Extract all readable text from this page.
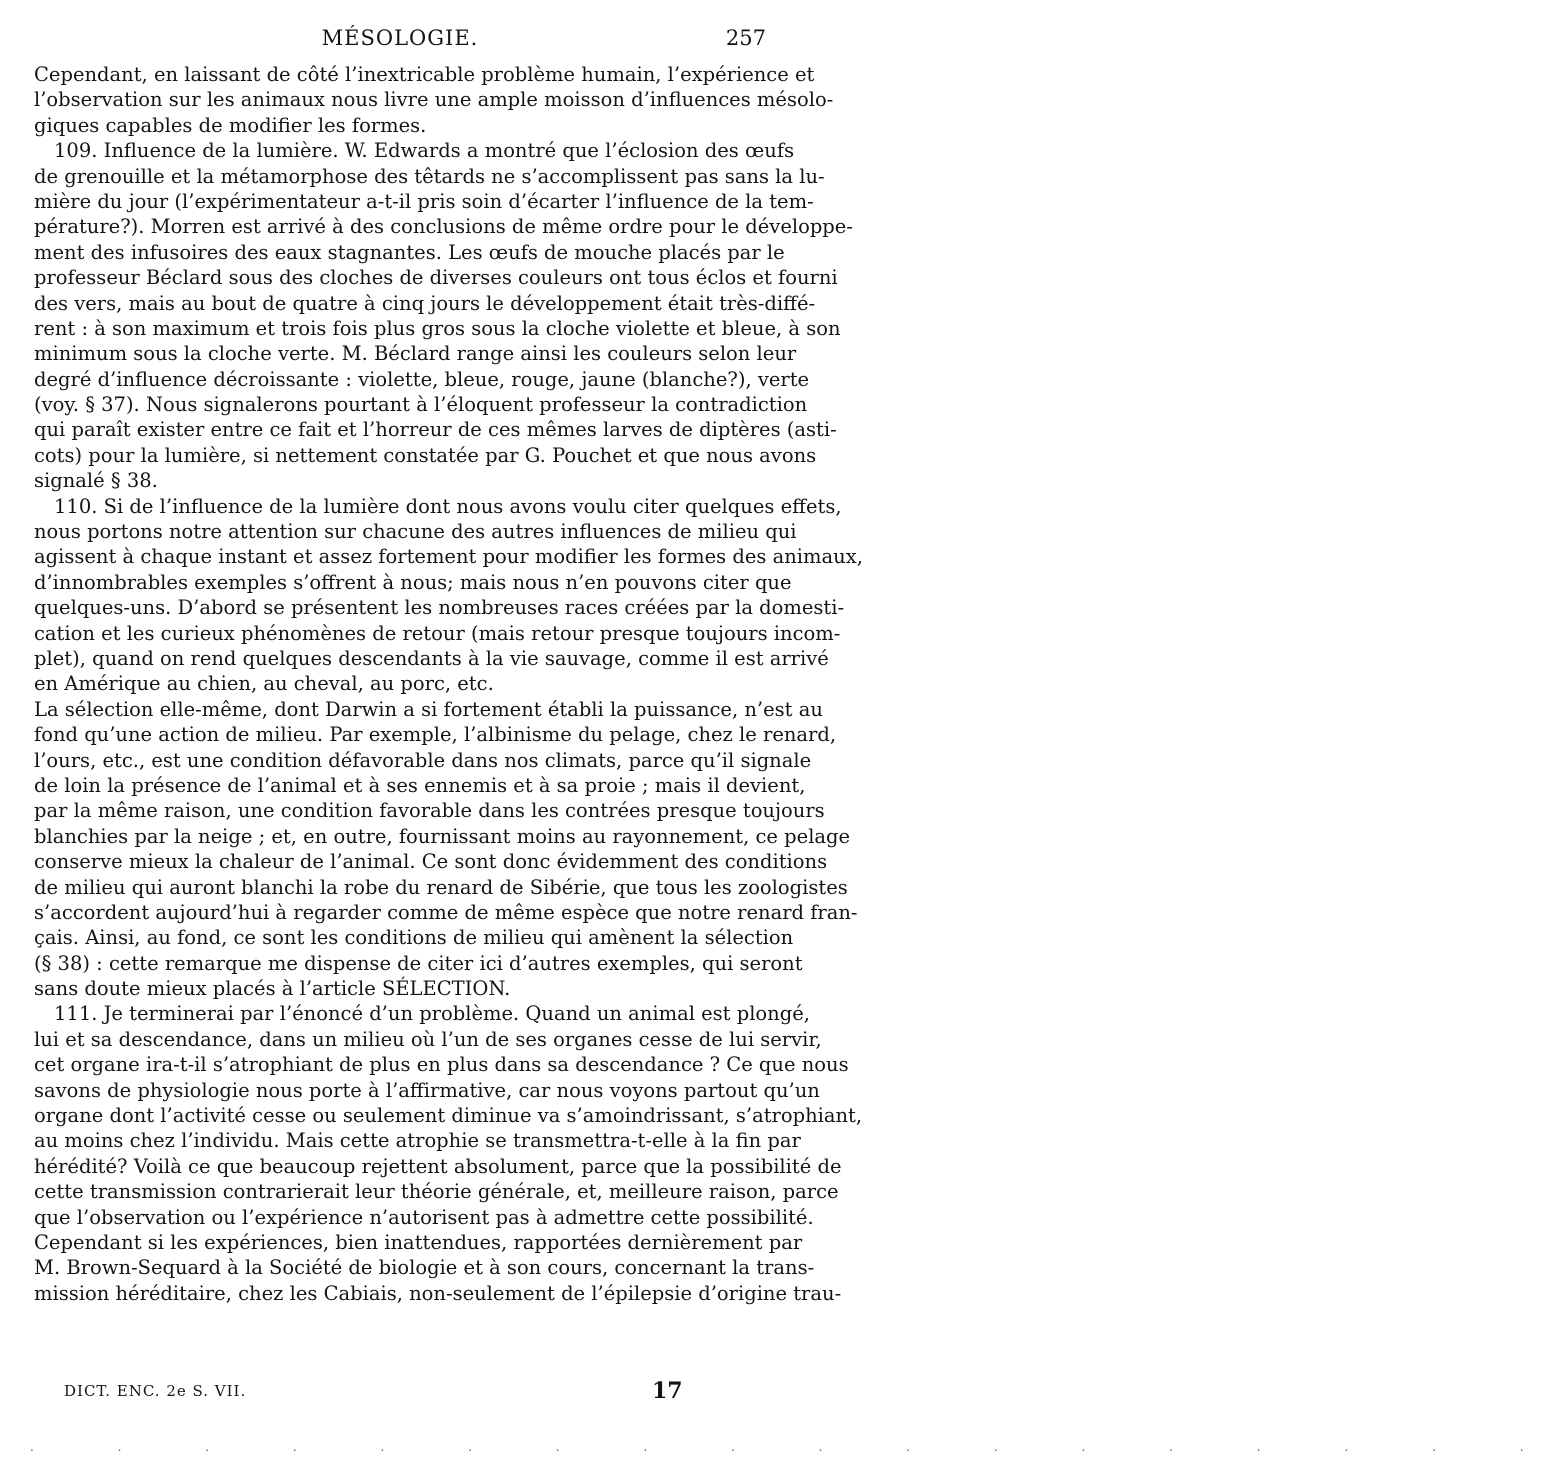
MÉSOLOGIE.	257
Cependant, en laissant de côté l’inextricable problème humain, l’expérience et
l’observation sur les animaux nous livre une ample moisson d’influences mésolo-
giques capables de modifier les formes.
109. Influence de la lumière. W. Edwards a montré que l’éclosion des œufs
de grenouille et la métamorphose des têtards ne s’accomplissent pas sans la lu-
mière du jour (l’expérimentateur a-t-il pris soin d’écarter l’influence de la tem-
pérature?). Morren est arrivé à des conclusions de même ordre pour le développe-
ment des infusoires des eaux stagnantes. Les œufs de mouche placés par le
professeur Béclard sous des cloches de diverses couleurs ont tous éclos et fourni
des vers, mais au bout de quatre à cinq jours le développement était très-diffé-
rent : à son maximum et trois fois plus gros sous la cloche violette et bleue, à son
minimum sous la cloche verte. M. Béclard range ainsi les couleurs selon leur
degré d’influence décroissante : violette, bleue, rouge, jaune (blanche?), verte
(voy. § 37). Nous signalerons pourtant à l’éloquent professeur la contradiction
qui paraît exister entre ce fait et l’horreur de ces mêmes larves de diptères (asti-
cots) pour la lumière, si nettement constatée par G. Pouchet et que nous avons
signalé § 38.
110. Si de l’influence de la lumière dont nous avons voulu citer quelques effets,
nous portons notre attention sur chacune des autres influences de milieu qui
agissent à chaque instant et assez fortement pour modifier les formes des animaux,
d’innombrables exemples s’offrent à nous; mais nous n’en pouvons citer que
quelques-uns. D’abord se présentent les nombreuses races créées par la domesti-
cation et les curieux phénomènes de retour (mais retour presque toujours incom-
plet), quand on rend quelques descendants à la vie sauvage, comme il est arrivé
en Amérique au chien, au cheval, au porc, etc.
La sélection elle-même, dont Darwin a si fortement établi la puissance, n’est au
fond qu’une action de milieu. Par exemple, l’albinisme du pelage, chez le renard,
l’ours, etc., est une condition défavorable dans nos climats, parce qu’il signale
de loin la présence de l’animal et à ses ennemis et à sa proie ; mais il devient,
par la même raison, une condition favorable dans les contrées presque toujours
blanchies par la neige ; et, en outre, fournissant moins au rayonnement, ce pelage
conserve mieux la chaleur de l’animal. Ce sont donc évidemment des conditions
de milieu qui auront blanchi la robe du renard de Sibérie, que tous les zoologistes
s’accordent aujourd’hui à regarder comme de même espèce que notre renard fran-
çais. Ainsi, au fond, ce sont les conditions de milieu qui amènent la sélection
(§ 38) : cette remarque me dispense de citer ici d’autres exemples, qui seront
sans doute mieux placés à l’article SÉLECTION.
111. Je terminerai par l’énoncé d’un problème. Quand un animal est plongé,
lui et sa descendance, dans un milieu où l’un de ses organes cesse de lui servir,
cet organe ira-t-il s’atrophiant de plus en plus dans sa descendance ? Ce que nous
savons de physiologie nous porte à l’affirmative, car nous voyons partout qu’un
organe dont l’activité cesse ou seulement diminue va s’amoindrissant, s’atrophiant,
au moins chez l’individu. Mais cette atrophie se transmettra-t-elle à la fin par
hérédité? Voilà ce que beaucoup rejettent absolument, parce que la possibilité de
cette transmission contrarierait leur théorie générale, et, meilleure raison, parce
que l’observation ou l’expérience n’autorisent pas à admettre cette possibilité.
Cependant si les expériences, bien inattendues, rapportées dernièrement par
M. Brown-Sequard à la Société de biologie et à son cours, concernant la trans-
mission héréditaire, chez les Cabiais, non-seulement de l’épilepsie d’origine trau-
DICT. ENC. 2e S. VII.	17
. . . . . . . . . . . . . . . . . .
